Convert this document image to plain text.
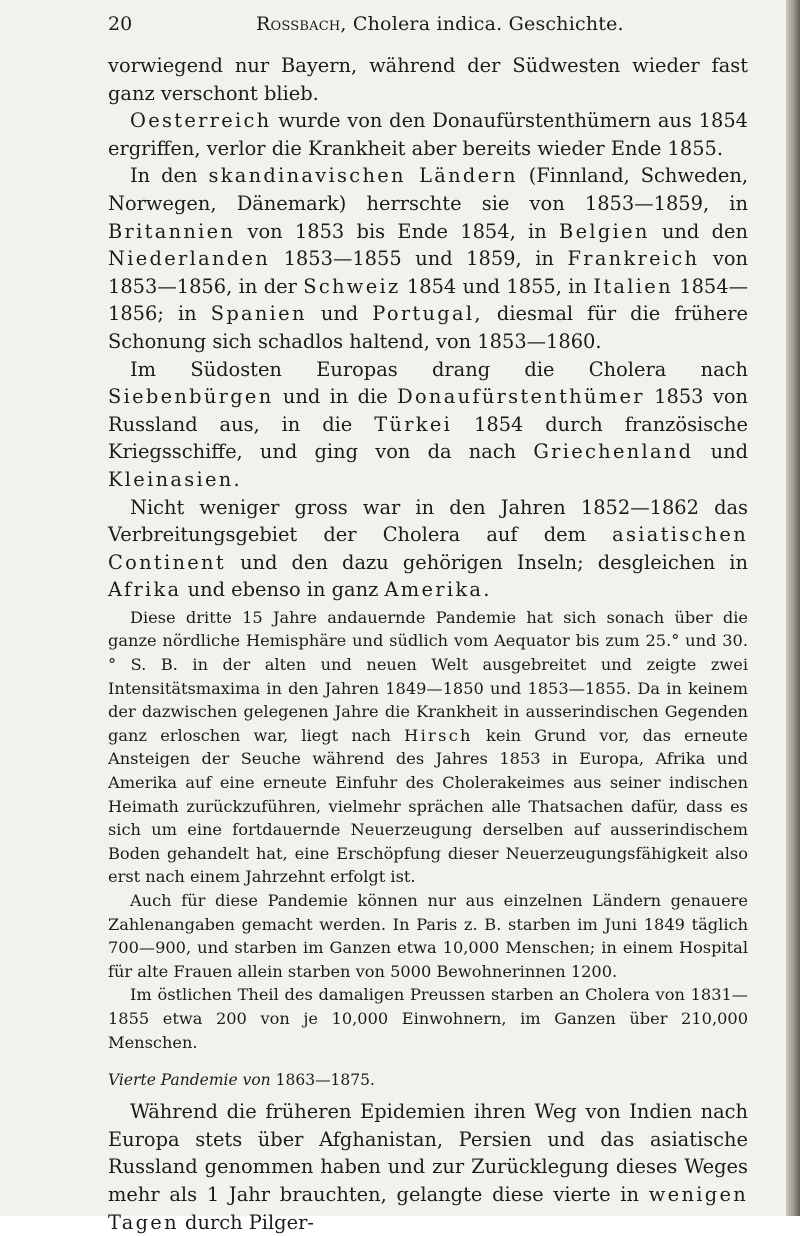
20	Rossbach, Cholera indica. Geschichte.

vorwiegend nur Bayern, während der Südwesten wieder fast ganz verschont blieb.

Oesterreich wurde von den Donaufürstenthümern aus 1854 ergriffen, verlor die Krankheit aber bereits wieder Ende 1855.

In den skandinavischen Ländern (Finnland, Schweden, Norwegen, Dänemark) herrschte sie von 1853—1859, in Britannien von 1853 bis Ende 1854, in Belgien und den Niederlanden 1853—1855 und 1859, in Frankreich von 1853—1856, in der Schweiz 1854 und 1855, in Italien 1854—1856; in Spanien und Portugal, diesmal für die frühere Schonung sich schadlos haltend, von 1853—1860.

Im Südosten Europas drang die Cholera nach Siebenbürgen und in die Donaufürstenthümer 1853 von Russland aus, in die Türkei 1854 durch französische Kriegsschiffe, und ging von da nach Griechenland und Kleinasien.

Nicht weniger gross war in den Jahren 1852—1862 das Verbreitungsgebiet der Cholera auf dem asiatischen Continent und den dazu gehörigen Inseln; desgleichen in Afrika und ebenso in ganz Amerika.

Diese dritte 15 Jahre andauernde Pandemie hat sich sonach über die ganze nördliche Hemisphäre und südlich vom Aequator bis zum 25.° und 30.° S. B. in der alten und neuen Welt ausgebreitet und zeigte zwei Intensitätsmaxima in den Jahren 1849—1850 und 1853—1855. Da in keinem der dazwischen gelegenen Jahre die Krankheit in ausserindischen Gegenden ganz erloschen war, liegt nach Hirsch kein Grund vor, das erneute Ansteigen der Seuche während des Jahres 1853 in Europa, Afrika und Amerika auf eine erneute Einfuhr des Cholerakeimes aus seiner indischen Heimath zurückzuführen, vielmehr sprächen alle Thatsachen dafür, dass es sich um eine fortdauernde Neuerzeugung derselben auf ausserindischem Boden gehandelt hat, eine Erschöpfung dieser Neuerzeugungsfähigkeit also erst nach einem Jahrzehnt erfolgt ist.

Auch für diese Pandemie können nur aus einzelnen Ländern genauere Zahlenangaben gemacht werden. In Paris z. B. starben im Juni 1849 täglich 700—900, und starben im Ganzen etwa 10,000 Menschen; in einem Hospital für alte Frauen allein starben von 5000 Bewohnerinnen 1200.

Im östlichen Theil des damaligen Preussen starben an Cholera von 1831—1855 etwa 200 von je 10,000 Einwohnern, im Ganzen über 210,000 Menschen.

Vierte Pandemie von 1863—1875.

Während die früheren Epidemien ihren Weg von Indien nach Europa stets über Afghanistan, Persien und das asiatische Russland genommen haben und zur Zurücklegung dieses Weges mehr als 1 Jahr brauchten, gelangte diese vierte in wenigen Tagen durch Pilger-
